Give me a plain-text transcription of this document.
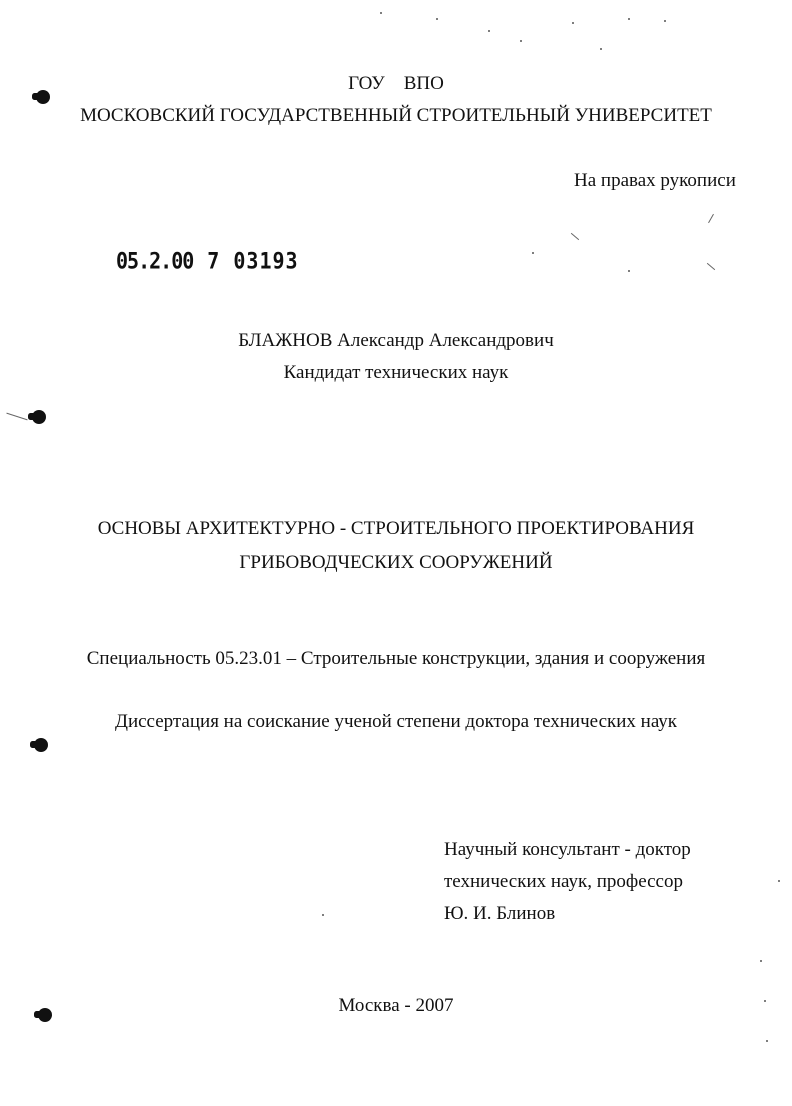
ГОУ ВПО
МОСКОВСКИЙ ГОСУДАРСТВЕННЫЙ СТРОИТЕЛЬНЫЙ УНИВЕРСИТЕТ
На правах рукописи
05.2.00 7 03193
БЛАЖНОВ Александр Александрович
Кандидат технических наук
ОСНОВЫ АРХИТЕКТУРНО - СТРОИТЕЛЬНОГО ПРОЕКТИРОВАНИЯ
ГРИБОВОДЧЕСКИХ СООРУЖЕНИЙ
Специальность 05.23.01 – Строительные конструкции, здания и сооружения
Диссертация на соискание ученой степени доктора технических наук
Научный консультант - доктор
технических наук, профессор
Ю. И. Блинов
Москва - 2007
